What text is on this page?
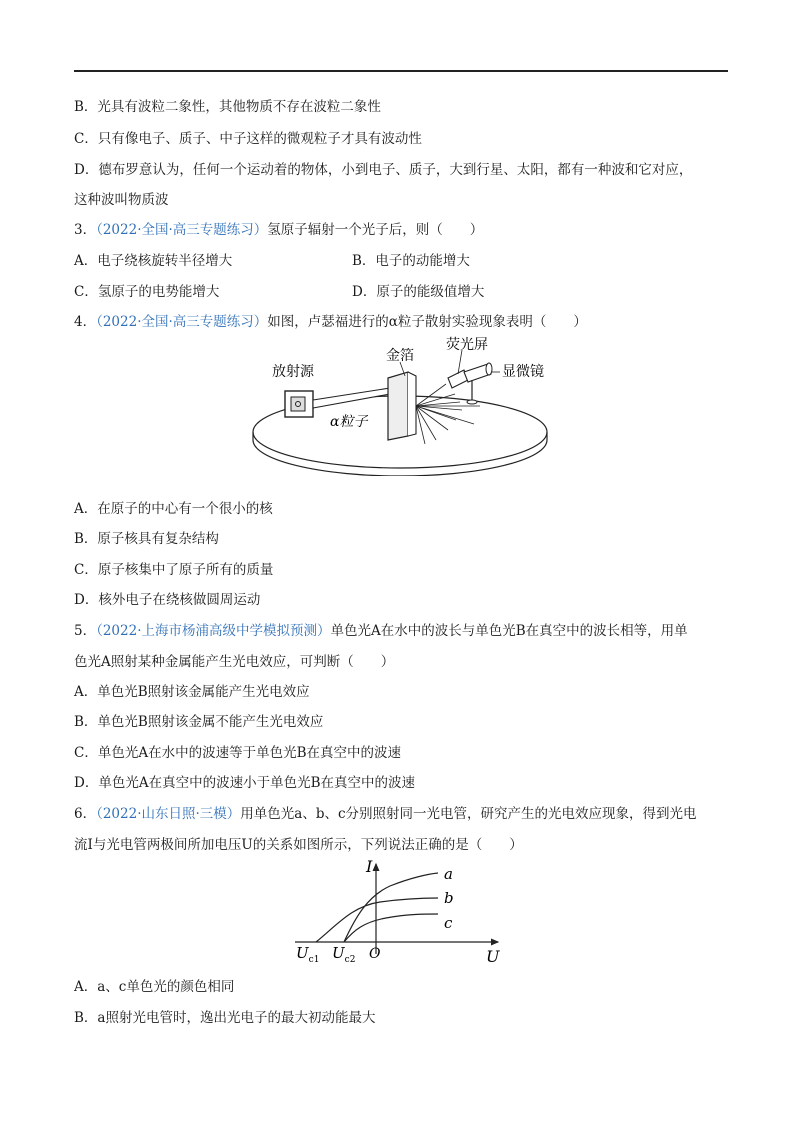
B．光具有波粒二象性，其他物质不存在波粒二象性
C．只有像电子、质子、中子这样的微观粒子才具有波动性
D．德布罗意认为，任何一个运动着的物体，小到电子、质子，大到行星、太阳，都有一种波和它对应，
这种波叫物质波
3．（2022·全国·高三专题练习）氢原子辐射一个光子后，则（　　）
A．电子绕核旋转半径增大	B．电子的动能增大
C．氢原子的电势能增大	D．原子的能级值增大
4．（2022·全国·高三专题练习）如图，卢瑟福进行的α粒子散射实验现象表明（　　）
放射源
金箔
荧光屏
显微镜
α粒子
A．在原子的中心有一个很小的核
B．原子核具有复杂结构
C．原子核集中了原子所有的质量
D．核外电子在绕核做圆周运动
5．（2022·上海市杨浦高级中学模拟预测）单色光A在水中的波长与单色光B在真空中的波长相等，用单
色光A照射某种金属能产生光电效应，可判断（　　）
A．单色光B照射该金属能产生光电效应
B．单色光B照射该金属不能产生光电效应
C．单色光A在水中的波速等于单色光B在真空中的波速
D．单色光A在真空中的波速小于单色光B在真空中的波速
6．（2022·山东日照·三模）用单色光a、b、c分别照射同一光电管，研究产生的光电效应现象，得到光电
流I与光电管两极间所加电压U的关系如图所示，下列说法正确的是（　　）
I
U
O
$U_{c1}$ $U_{c2}$
a
b
c
A．a、c单色光的颜色相同
B．a照射光电管时，逸出光电子的最大初动能最大
